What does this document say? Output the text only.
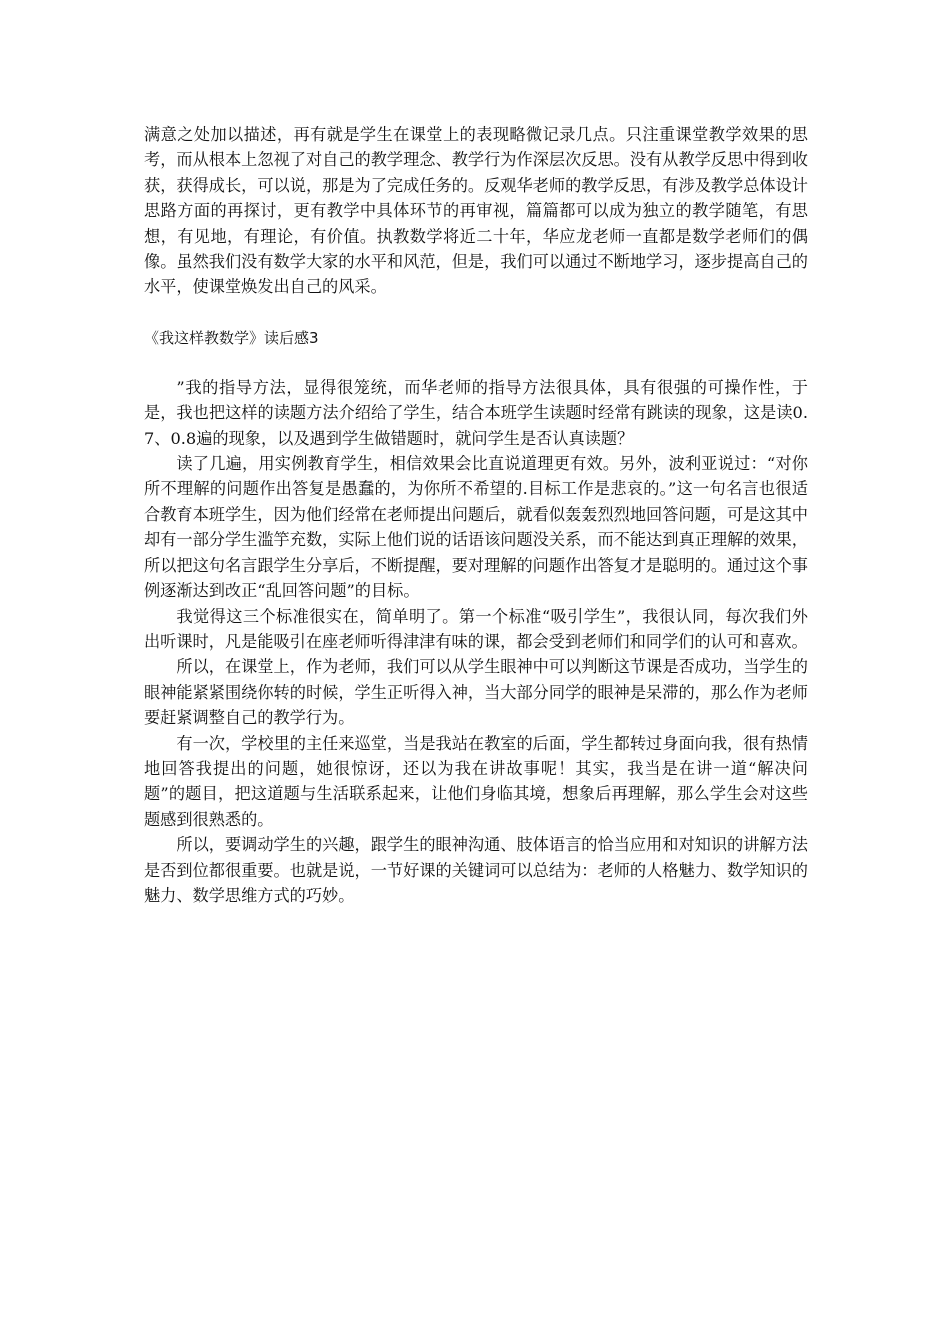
满意之处加以描述，再有就是学生在课堂上的表现略微记录几点。只注重课堂教学效果的思考，而从根本上忽视了对自己的教学理念、教学行为作深层次反思。没有从教学反思中得到收获，获得成长，可以说，那是为了完成任务的。反观华老师的教学反思，有涉及教学总体设计思路方面的再探讨，更有教学中具体环节的再审视，篇篇都可以成为独立的教学随笔，有思想，有见地，有理论，有价值。执教数学将近二十年，华应龙老师一直都是数学老师们的偶像。虽然我们没有数学大家的水平和风范，但是，我们可以通过不断地学习，逐步提高自己的水平，使课堂焕发出自己的风采。

《我这样教数学》读后感3

”我的指导方法，显得很笼统，而华老师的指导方法很具体，具有很强的可操作性，于是，我也把这样的读题方法介绍给了学生，结合本班学生读题时经常有跳读的现象，这是读0.7、0.8遍的现象，以及遇到学生做错题时，就问学生是否认真读题？

读了几遍，用实例教育学生，相信效果会比直说道理更有效。另外，波利亚说过：“对你所不理解的问题作出答复是愚蠢的，为你所不希望的.目标工作是悲哀的。”这一句名言也很适合教育本班学生，因为他们经常在老师提出问题后，就看似轰轰烈烈地回答问题，可是这其中却有一部分学生滥竽充数，实际上他们说的话语该问题没关系，而不能达到真正理解的效果，所以把这句名言跟学生分享后，不断提醒，要对理解的问题作出答复才是聪明的。通过这个事例逐渐达到改正“乱回答问题”的目标。

我觉得这三个标准很实在，简单明了。第一个标准“吸引学生”，我很认同，每次我们外出听课时，凡是能吸引在座老师听得津津有味的课，都会受到老师们和同学们的认可和喜欢。

所以，在课堂上，作为老师，我们可以从学生眼神中可以判断这节课是否成功，当学生的眼神能紧紧围绕你转的时候，学生正听得入神，当大部分同学的眼神是呆滞的，那么作为老师要赶紧调整自己的教学行为。

有一次，学校里的主任来巡堂，当是我站在教室的后面，学生都转过身面向我，很有热情地回答我提出的问题，她很惊讶，还以为我在讲故事呢！其实，我当是在讲一道“解决问题”的题目，把这道题与生活联系起来，让他们身临其境，想象后再理解，那么学生会对这些题感到很熟悉的。

所以，要调动学生的兴趣，跟学生的眼神沟通、肢体语言的恰当应用和对知识的讲解方法是否到位都很重要。也就是说，一节好课的关键词可以总结为：老师的人格魅力、数学知识的魅力、数学思维方式的巧妙。
